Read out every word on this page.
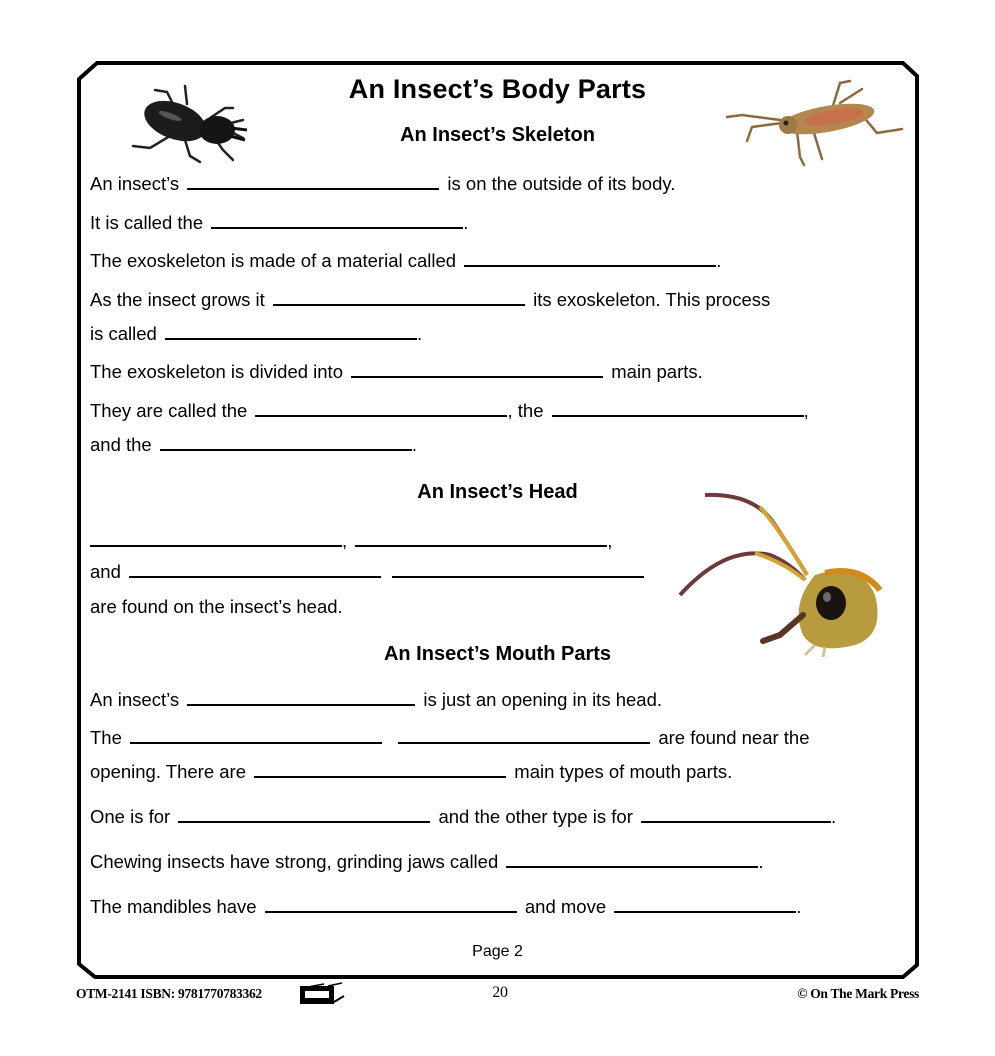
An Insect’s Body Parts
An Insect’s Skeleton
An insect’s	is on the outside of its body.
It is called the	.
The exoskeleton is made of a material called	.
As the insect grows it	its exoskeleton. This process
is called	.
The exoskeleton is divided into	main parts.
They are called the	, the	,
and the	.
An Insect’s Head
,	,
and
are found on the insect’s head.
An Insect’s Mouth Parts
An insect’s	is just an opening in its head.
The	are found near the
opening. There are	main types of mouth parts.
One is for	and the other type is for	.
Chewing insects have strong, grinding jaws called	.
The mandibles have	and move	.
Page 2
OTM-2141 ISBN: 9781770783362	20	© On The Mark Press
